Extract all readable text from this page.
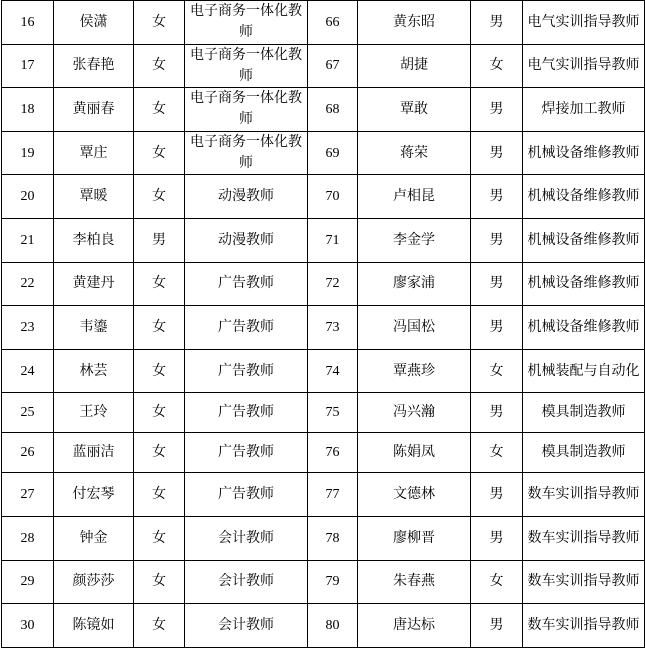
16	侯潇	女	电子商务一体化教师	66	黄东昭	男	电气实训指导教师
17	张春艳	女	电子商务一体化教师	67	胡捷	女	电气实训指导教师
18	黄丽春	女	电子商务一体化教师	68	覃敢	男	焊接加工教师
19	覃庄	女	电子商务一体化教师	69	蒋荣	男	机械设备维修教师
20	覃暖	女	动漫教师	70	卢相昆	男	机械设备维修教师
21	李柏良	男	动漫教师	71	李金学	男	机械设备维修教师
22	黄建丹	女	广告教师	72	廖家浦	男	机械设备维修教师
23	韦鎏	女	广告教师	73	冯国松	男	机械设备维修教师
24	林芸	女	广告教师	74	覃燕珍	女	机械装配与自动化
25	王玲	女	广告教师	75	冯兴瀚	男	模具制造教师
26	蓝丽洁	女	广告教师	76	陈娟凤	女	模具制造教师
27	付宏琴	女	广告教师	77	文德林	男	数车实训指导教师
28	钟金	女	会计教师	78	廖柳晋	男	数车实训指导教师
29	颜莎莎	女	会计教师	79	朱春燕	女	数车实训指导教师
30	陈镜如	女	会计教师	80	唐达标	男	数车实训指导教师
